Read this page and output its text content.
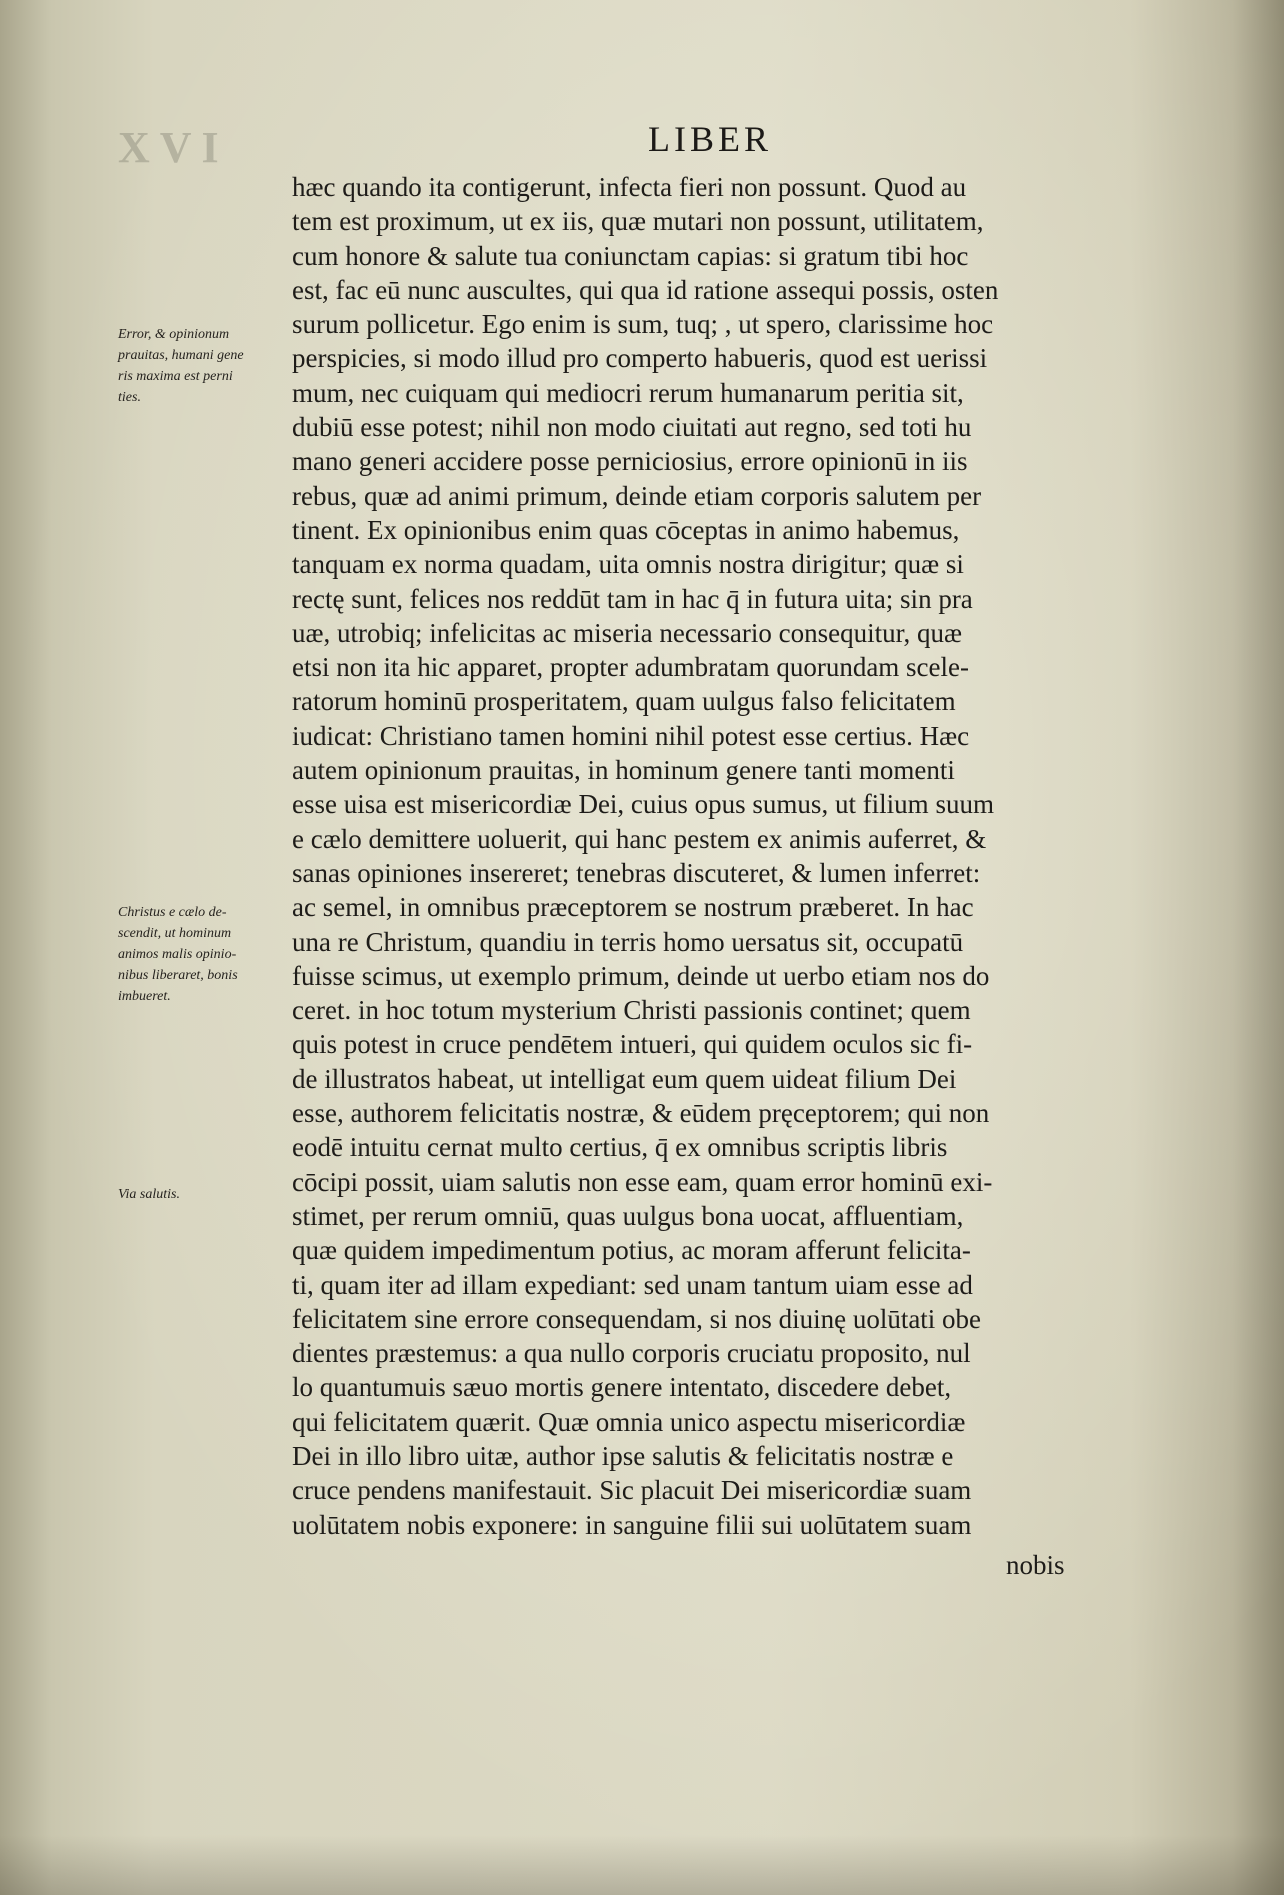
XVI	LIBER
Error, & opinionum
prauitas, humani gene
ris maxima est perni
ties.
Christus e cælo de-
scendit, ut hominum
animos malis opinio-
nibus liberaret, bonis
imbueret.
Via salutis.
hæc quando ita contigerunt, infecta fieri non possunt. Quod au
tem est proximum, ut ex iis, quæ mutari non possunt, utilitatem,
cum honore & salute tua coniunctam capias: si gratum tibi hoc
est, fac eū nunc auscultes, qui qua id ratione assequi possis, osten
surum pollicetur. Ego enim is sum, tuq; , ut spero, clarissime hoc
perspicies, si modo illud pro comperto habueris, quod est uerissi
mum, nec cuiquam qui mediocri rerum humanarum peritia sit,
dubiū esse potest; nihil non modo ciuitati aut regno, sed toti hu
mano generi accidere posse perniciosius, errore opinionū in iis
rebus, quæ ad animi primum, deinde etiam corporis salutem per
tinent. Ex opinionibus enim quas cōceptas in animo habemus,
tanquam ex norma quadam, uita omnis nostra dirigitur; quæ si
rectę sunt, felices nos reddūt tam in hac q̄ in futura uita; sin pra
uæ, utrobiq; infelicitas ac miseria necessario consequitur, quæ
etsi non ita hic apparet, propter adumbratam quorundam scele-
ratorum hominū prosperitatem, quam uulgus falso felicitatem
iudicat: Christiano tamen homini nihil potest esse certius. Hæc
autem opinionum prauitas, in hominum genere tanti momenti
esse uisa est misericordiæ Dei, cuius opus sumus, ut filium suum
e cælo demittere uoluerit, qui hanc pestem ex animis auferret, &
sanas opiniones insereret; tenebras discuteret, & lumen inferret:
ac semel, in omnibus præceptorem se nostrum præberet. In hac
una re Christum, quandiu in terris homo uersatus sit, occupatū
fuisse scimus, ut exemplo primum, deinde ut uerbo etiam nos do
ceret. in hoc totum mysterium Christi passionis continet; quem
quis potest in cruce pendētem intueri, qui quidem oculos sic fi-
de illustratos habeat, ut intelligat eum quem uideat filium Dei
esse, authorem felicitatis nostræ, & eūdem pręceptorem; qui non
eodē intuitu cernat multo certius, q̄ ex omnibus scriptis libris
cōcipi possit, uiam salutis non esse eam, quam error hominū exi-
stimet, per rerum omniū, quas uulgus bona uocat, affluentiam,
quæ quidem impedimentum potius, ac moram afferunt felicita-
ti, quam iter ad illam expediant: sed unam tantum uiam esse ad
felicitatem sine errore consequendam, si nos diuinę uolūtati obe
dientes præstemus: a qua nullo corporis cruciatu proposito, nul
lo quantumuis sæuo mortis genere intentato, discedere debet,
qui felicitatem quærit. Quæ omnia unico aspectu misericordiæ
Dei in illo libro uitæ, author ipse salutis & felicitatis nostræ e
cruce pendens manifestauit. Sic placuit Dei misericordiæ suam
uolūtatem nobis exponere: in sanguine filii sui uolūtatem suam
nobis
